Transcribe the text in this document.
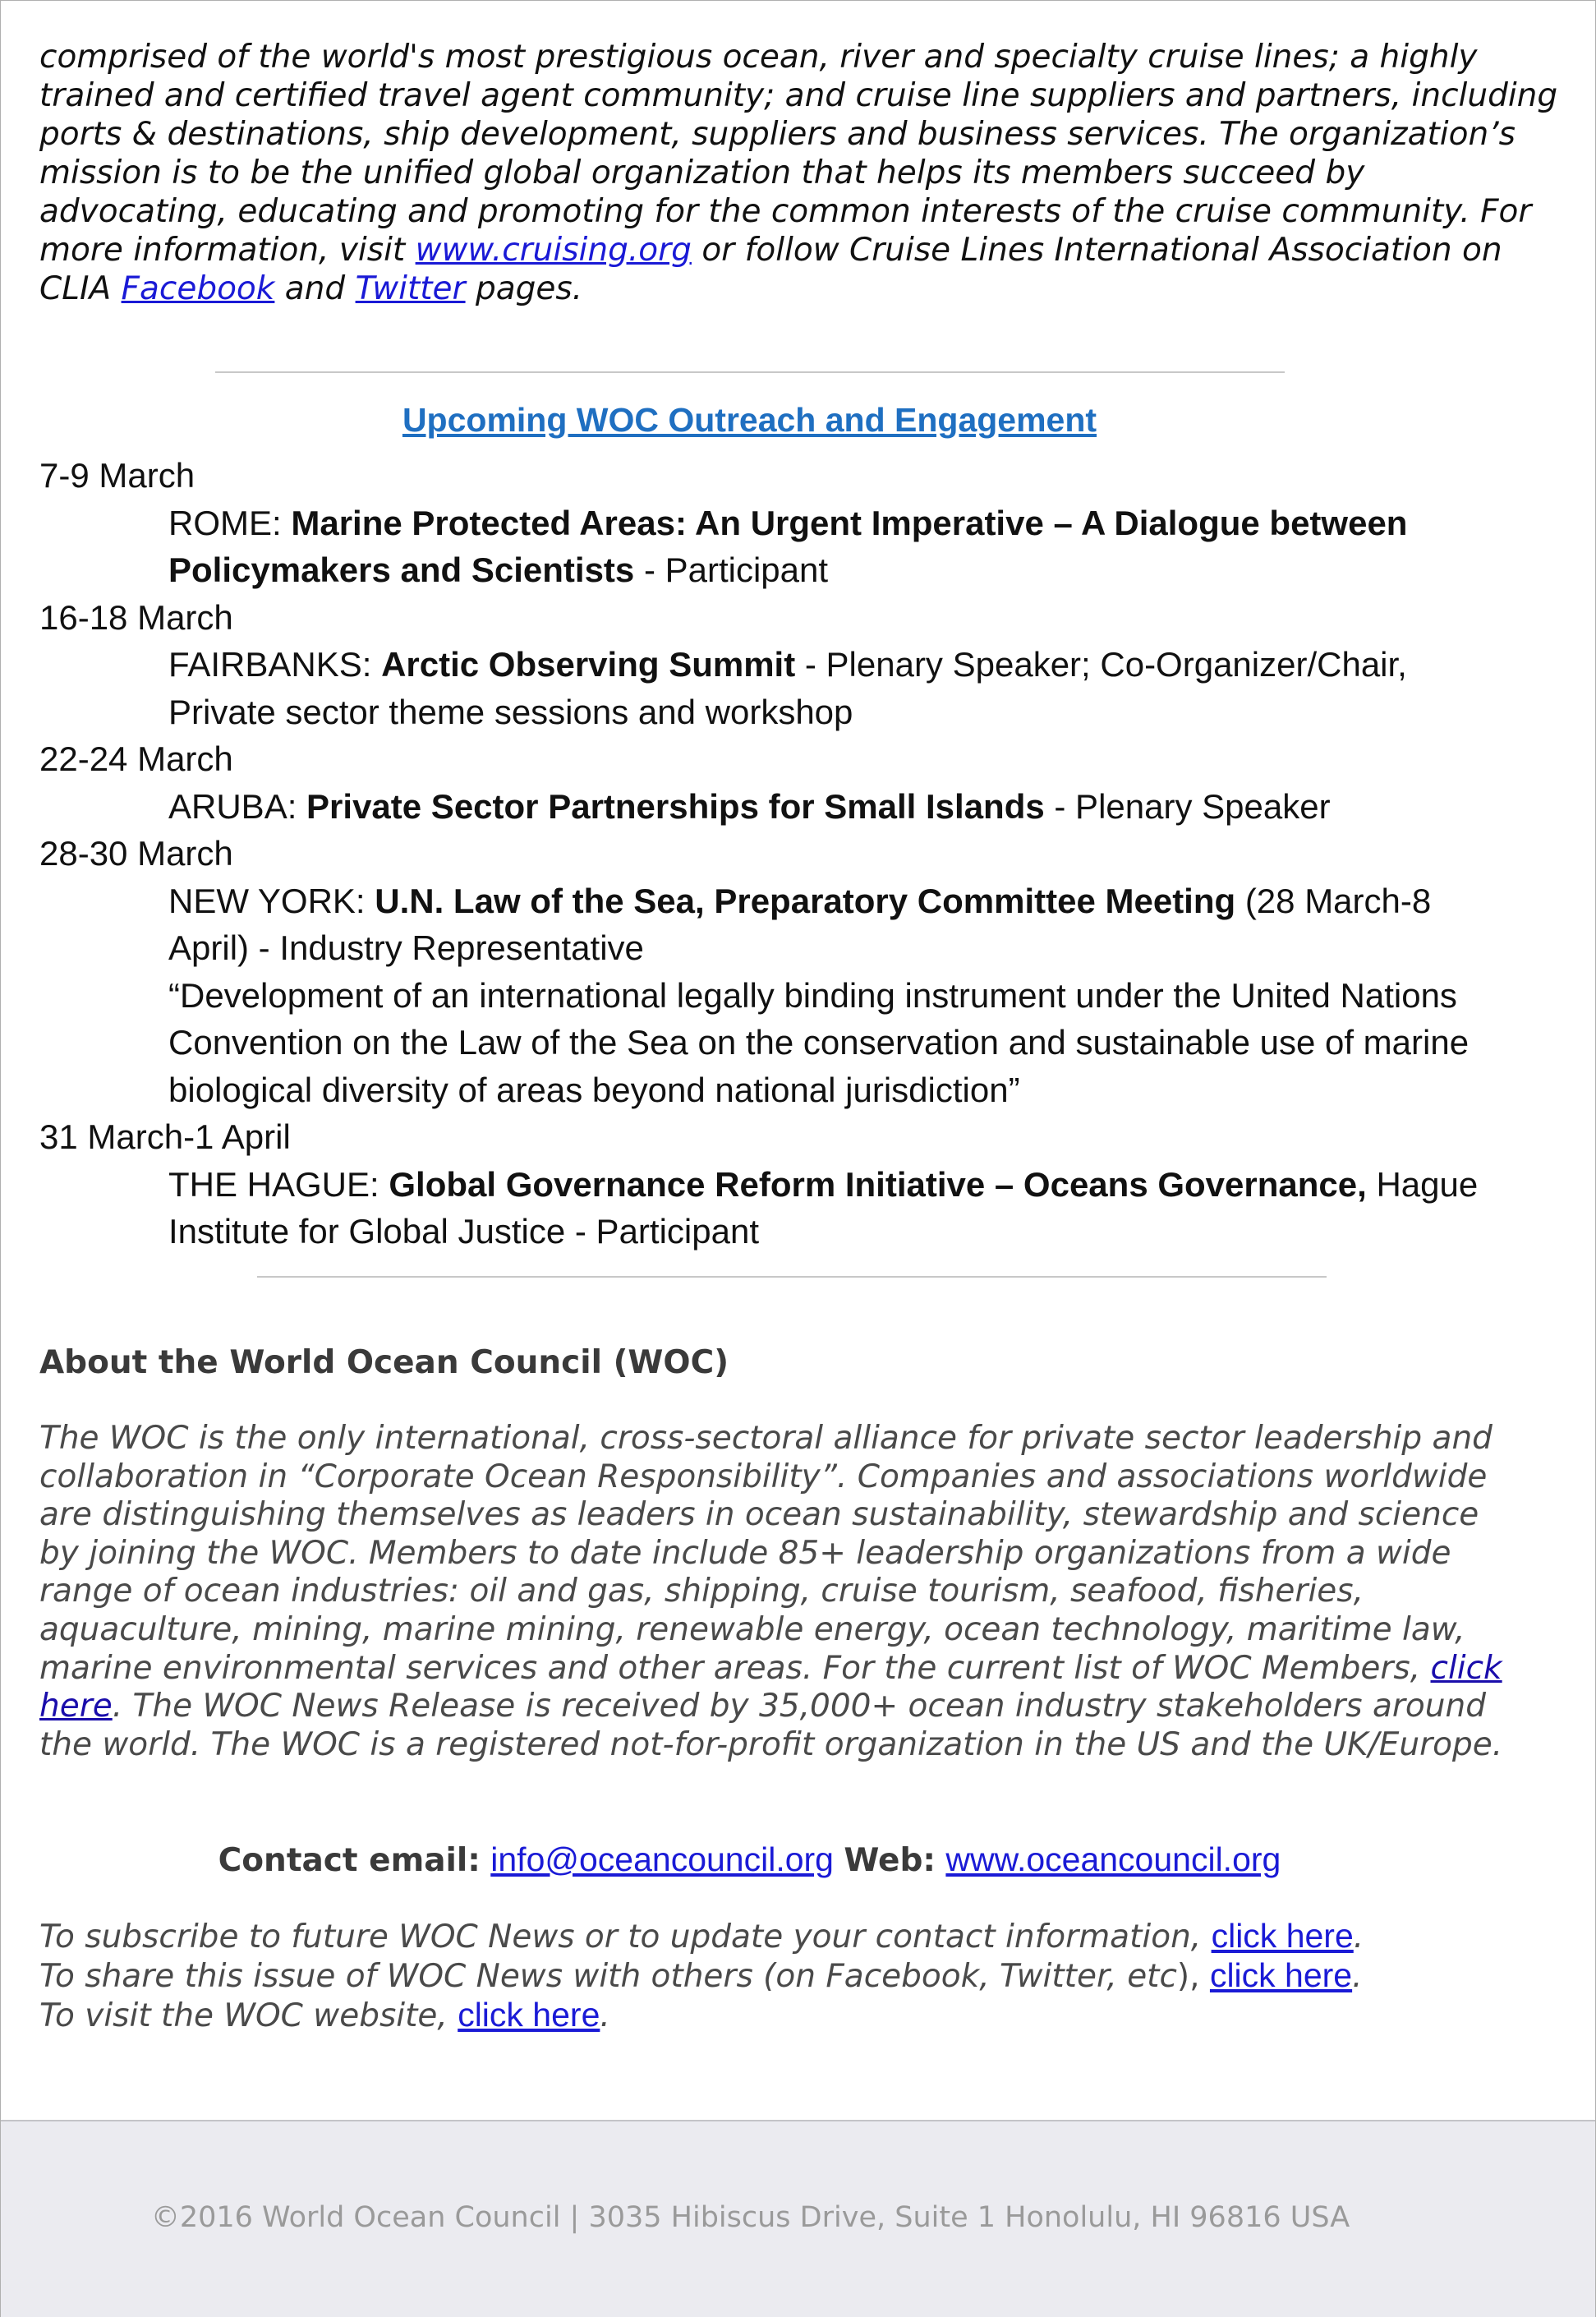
comprised of the world's most prestigious ocean, river and specialty cruise lines; a highly trained and certified travel agent community; and cruise line suppliers and partners, including ports & destinations, ship development, suppliers and business services. The organization’s mission is to be the unified global organization that helps its members succeed by advocating, educating and promoting for the common interests of the cruise community. For more information, visit www.cruising.org or follow Cruise Lines International Association on CLIA Facebook and Twitter pages.

Upcoming WOC Outreach and Engagement
7-9 March
ROME: Marine Protected Areas: An Urgent Imperative – A Dialogue between Policymakers and Scientists - Participant
16-18 March
FAIRBANKS: Arctic Observing Summit - Plenary Speaker; Co-Organizer/Chair, Private sector theme sessions and workshop
22-24 March
ARUBA: Private Sector Partnerships for Small Islands - Plenary Speaker
28-30 March
NEW YORK: U.N. Law of the Sea, Preparatory Committee Meeting (28 March-8 April) - Industry Representative
“Development of an international legally binding instrument under the United Nations Convention on the Law of the Sea on the conservation and sustainable use of marine biological diversity of areas beyond national jurisdiction”
31 March-1 April
THE HAGUE: Global Governance Reform Initiative – Oceans Governance, Hague Institute for Global Justice - Participant
About the World Ocean Council (WOC)

The WOC is the only international, cross-sectoral alliance for private sector leadership and collaboration in “Corporate Ocean Responsibility”. Companies and associations worldwide are distinguishing themselves as leaders in ocean sustainability, stewardship and science by joining the WOC. Members to date include 85+ leadership organizations from a wide range of ocean industries: oil and gas, shipping, cruise tourism, seafood, fisheries, aquaculture, mining, marine mining, renewable energy, ocean technology, maritime law, marine environmental services and other areas. For the current list of WOC Members, click here. The WOC News Release is received by 35,000+ ocean industry stakeholders around the world. The WOC is a registered not-for-profit organization in the US and the UK/Europe.

Contact email: info@oceancouncil.org Web: www.oceancouncil.org
To subscribe to future WOC News or to update your contact information, click here.
To share this issue of WOC News with others (on Facebook, Twitter, etc), click here.
To visit the WOC website, click here.
©2016 World Ocean Council | 3035 Hibiscus Drive, Suite 1 Honolulu, HI 96816 USA
